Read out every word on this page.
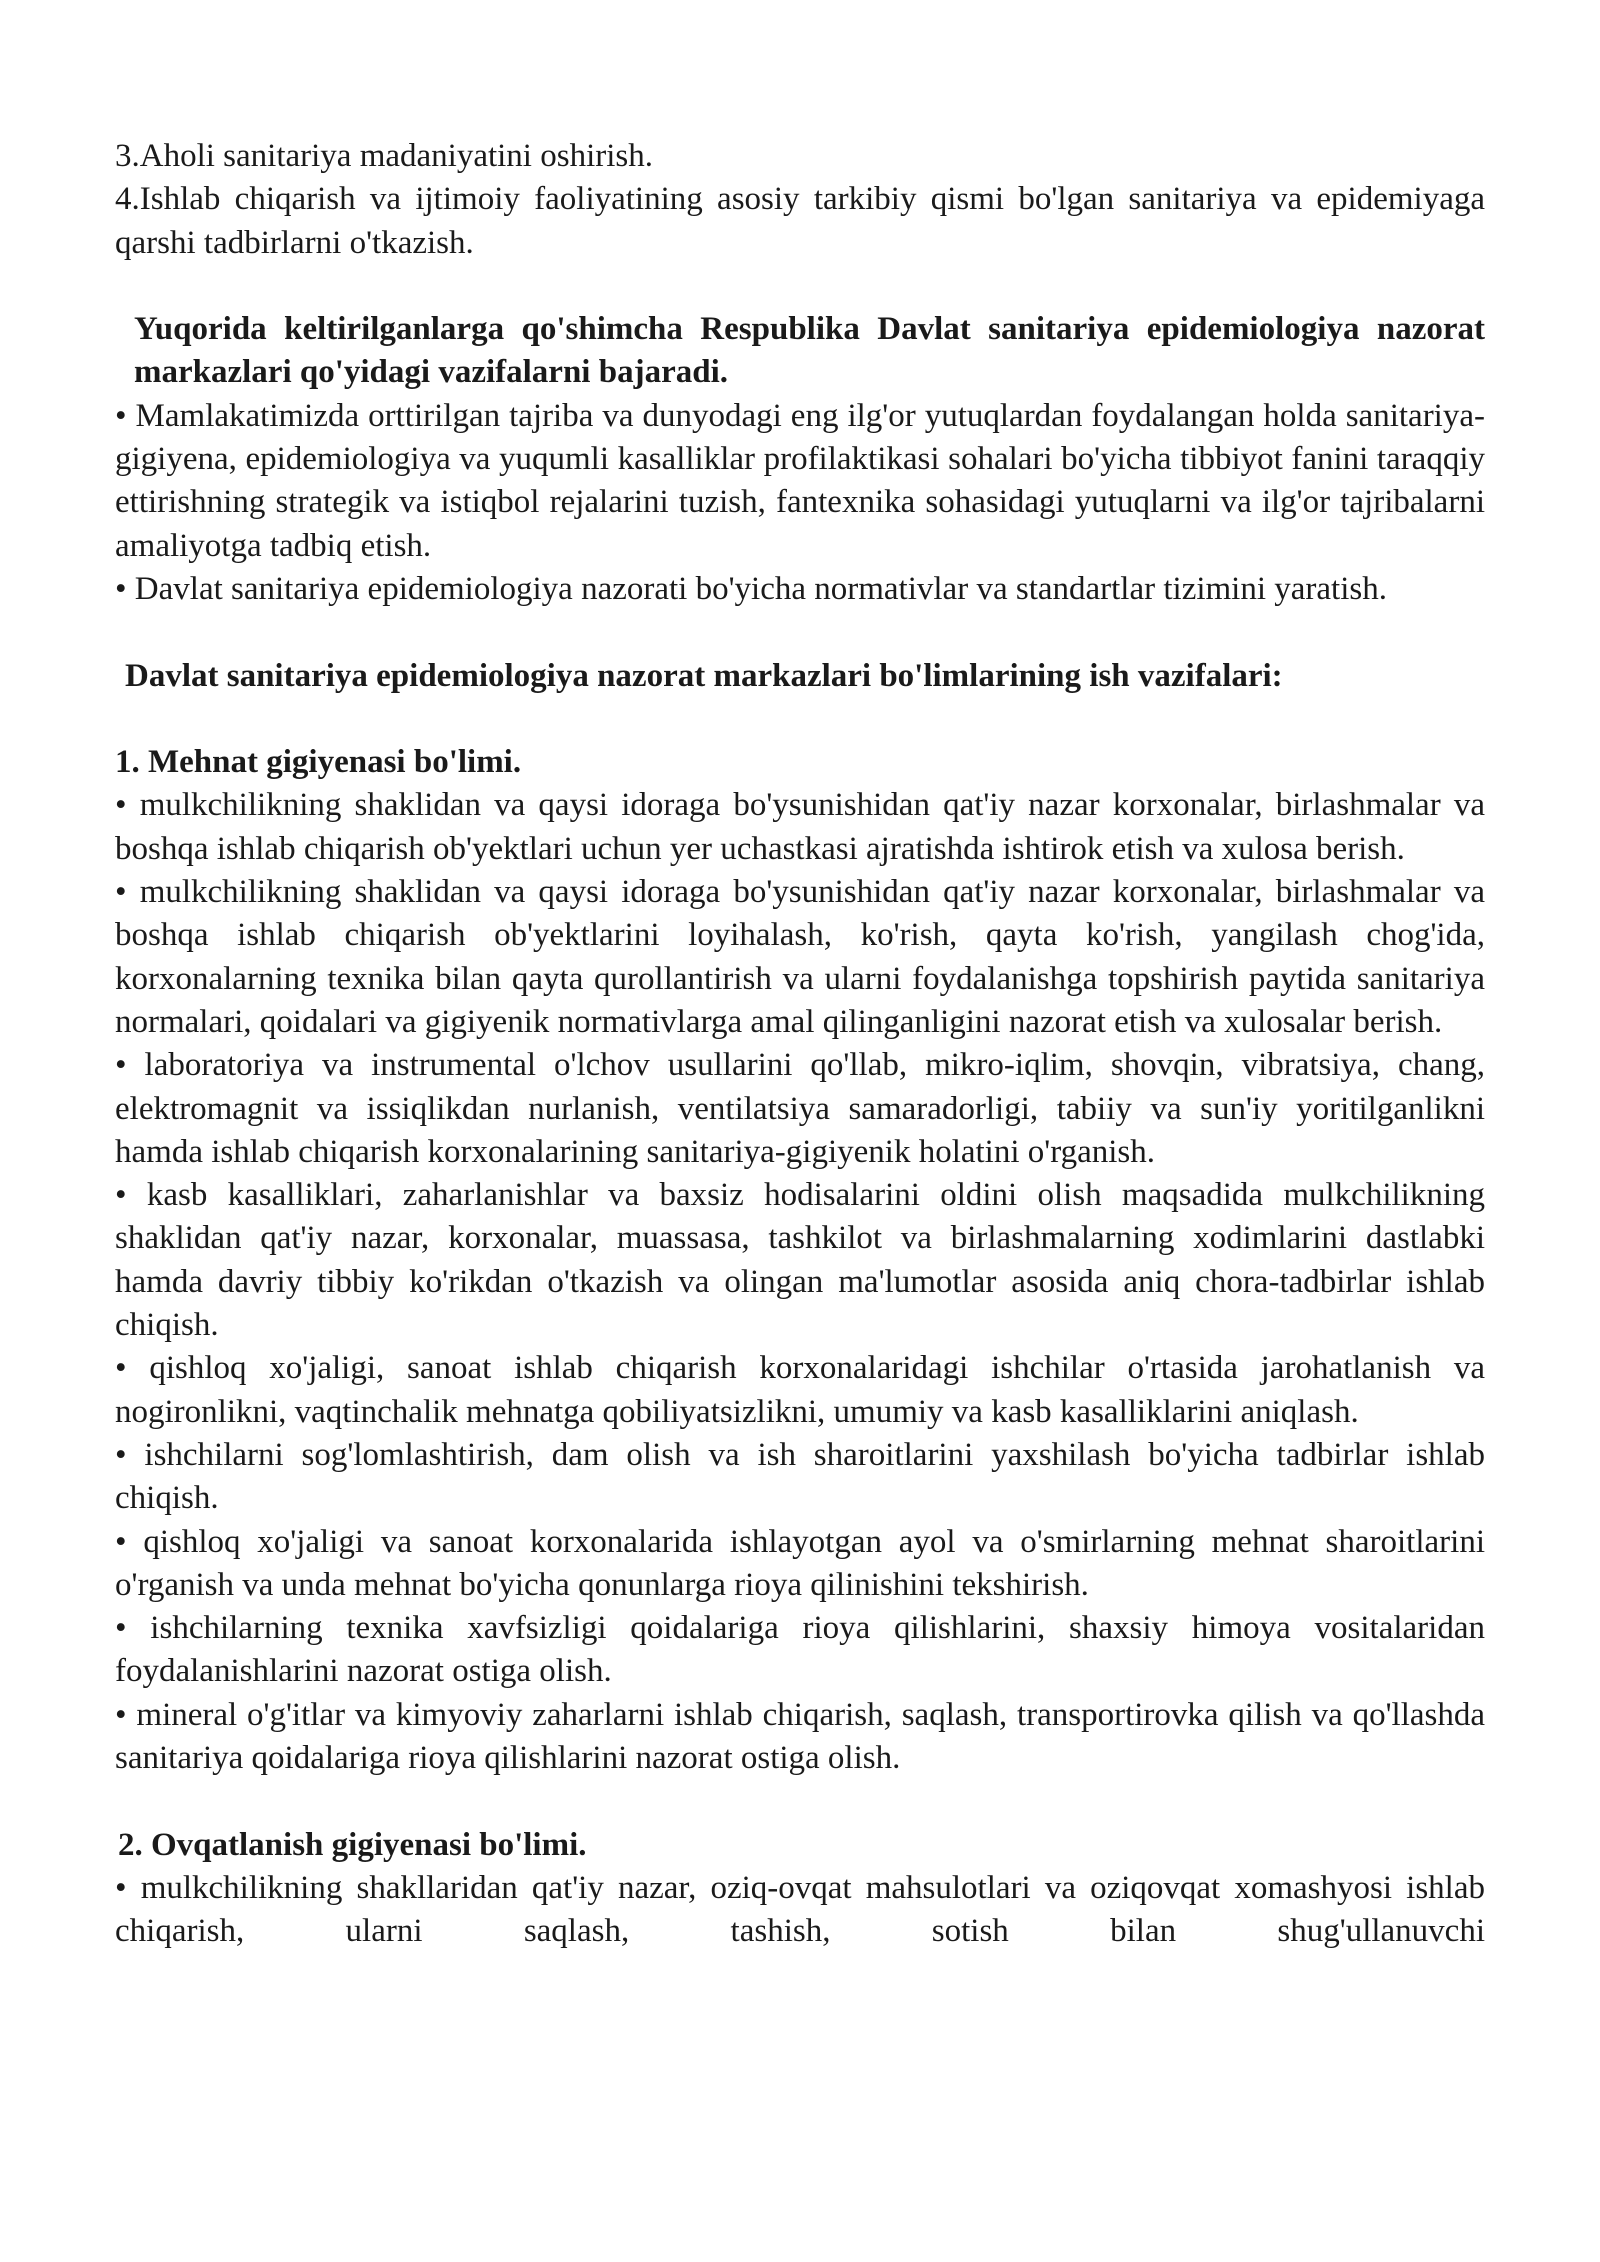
3.Aholi sanitariya madaniyatini oshirish.

4.Ishlab chiqarish va ijtimoiy faoliyatining asosiy tarkibiy qismi bo'lgan sanitariya va epidemiyaga qarshi tadbirlarni o'tkazish.

Yuqorida keltirilganlarga qo'shimcha Respublika Davlat sanitariya epidemiologiya nazorat markazlari qo'yidagi vazifalarni bajaradi.

• Mamlakatimizda orttirilgan tajriba va dunyodagi eng ilg'or yutuqlardan foydalangan holda sanitariya-gigiyena, epidemiologiya va yuqumli kasalliklar profilaktikasi sohalari bo'yicha tibbiyot fanini taraqqiy ettirishning strategik va istiqbol rejalarini tuzish, fantexnika sohasidagi yutuqlarni va ilg'or tajribalarni amaliyotga tadbiq etish.

• Davlat sanitariya epidemiologiya nazorati bo'yicha normativlar va standartlar tizimini yaratish.

Davlat sanitariya epidemiologiya nazorat markazlari bo'limlarining ish vazifalari:

1. Mehnat gigiyenasi bo'limi.

• mulkchilikning shaklidan va qaysi idoraga bo'ysunishidan qat'iy nazar korxonalar, birlashmalar va boshqa ishlab chiqarish ob'yektlari uchun yer uchastkasi ajratishda ishtirok etish va xulosa berish.

• mulkchilikning shaklidan va qaysi idoraga bo'ysunishidan qat'iy nazar korxonalar, birlashmalar va boshqa ishlab chiqarish ob'yektlarini loyihalash, ko'rish, qayta ko'rish, yangilash chog'ida, korxonalarning texnika bilan qayta qurollantirish va ularni foydalanishga topshirish paytida sanitariya normalari, qoidalari va gigiyenik normativlarga amal qilinganligini nazorat etish va xulosalar berish.

• laboratoriya va instrumental o'lchov usullarini qo'llab, mikro-iqlim, shovqin, vibratsiya, chang, elektromagnit va issiqlikdan nurlanish, ventilatsiya samaradorligi, tabiiy va sun'iy yoritilganlikni hamda ishlab chiqarish korxonalarining sanitariya-gigiyenik holatini o'rganish.

• kasb kasalliklari, zaharlanishlar va baxsiz hodisalarini oldini olish maqsadida mulkchilikning shaklidan qat'iy nazar, korxonalar, muassasa, tashkilot va birlashmalarning xodimlarini dastlabki hamda davriy tibbiy ko'rikdan o'tkazish va olingan ma'lumotlar asosida aniq chora-tadbirlar ishlab chiqish.

• qishloq xo'jaligi, sanoat ishlab chiqarish korxonalaridagi ishchilar o'rtasida jarohatlanish va nogironlikni, vaqtinchalik mehnatga qobiliyatsizlikni, umumiy va kasb kasalliklarini aniqlash.

• ishchilarni sog'lomlashtirish, dam olish va ish sharoitlarini yaxshilash bo'yicha tadbirlar ishlab chiqish.

• qishloq xo'jaligi va sanoat korxonalarida ishlayotgan ayol va o'smirlarning mehnat sharoitlarini o'rganish va unda mehnat bo'yicha qonunlarga rioya qilinishini tekshirish.

• ishchilarning texnika xavfsizligi qoidalariga rioya qilishlarini, shaxsiy himoya vositalaridan foydalanishlarini nazorat ostiga olish.

• mineral o'g'itlar va kimyoviy zaharlarni ishlab chiqarish, saqlash, transportirovka qilish va qo'llashda sanitariya qoidalariga rioya qilishlarini nazorat ostiga olish.

2. Ovqatlanish gigiyenasi bo'limi.

• mulkchilikning shakllaridan qat'iy nazar, oziq-ovqat mahsulotlari va oziqovqat xomashyosi ishlab chiqarish, ularni saqlash, tashish, sotish bilan shug'ullanuvchi
